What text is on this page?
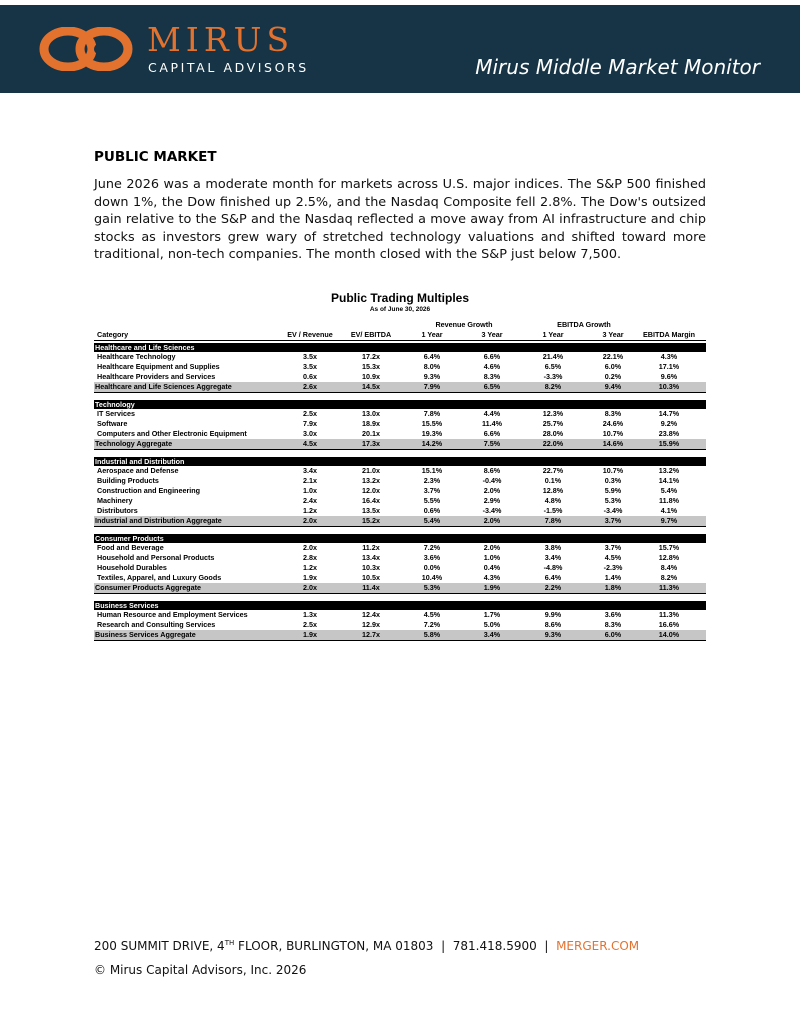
MIRUS
CAPITAL ADVISORS	Mirus Middle Market Monitor
PUBLIC MARKET
June 2026 was a moderate month for markets across U.S. major indices. The S&P 500 finished down 1%, the Dow finished up 2.5%, and the Nasdaq Composite fell 2.8%. The Dow's outsized gain relative to the S&P and the Nasdaq reflected a move away from AI infrastructure and chip stocks as investors grew wary of stretched technology valuations and shifted toward more traditional, non-tech companies. The month closed with the S&P just below 7,500.
Public Trading Multiples
As of June 30, 2026
Revenue Growth	EBITDA Growth
Category	EV / Revenue	EV/ EBITDA	1 Year	3 Year	1 Year	3 Year	EBITDA Margin
Healthcare and Life Sciences
Healthcare Technology	3.5x	17.2x	6.4%	6.6%	21.4%	22.1%	4.3%
Healthcare Equipment and Supplies	3.5x	15.3x	8.0%	4.6%	6.5%	6.0%	17.1%
Healthcare Providers and Services	0.6x	10.9x	9.3%	8.3%	-3.3%	0.2%	9.6%
Healthcare and Life Sciences Aggregate	2.6x	14.5x	7.9%	6.5%	8.2%	9.4%	10.3%
Technology
IT Services	2.5x	13.0x	7.8%	4.4%	12.3%	8.3%	14.7%
Software	7.9x	18.9x	15.5%	11.4%	25.7%	24.6%	9.2%
Computers and Other Electronic Equipment	3.0x	20.1x	19.3%	6.6%	28.0%	10.7%	23.8%
Technology Aggregate	4.5x	17.3x	14.2%	7.5%	22.0%	14.6%	15.9%
Industrial and Distribution
Aerospace and Defense	3.4x	21.0x	15.1%	8.6%	22.7%	10.7%	13.2%
Building Products	2.1x	13.2x	2.3%	-0.4%	0.1%	0.3%	14.1%
Construction and Engineering	1.0x	12.0x	3.7%	2.0%	12.8%	5.9%	5.4%
Machinery	2.4x	16.4x	5.5%	2.9%	4.8%	5.3%	11.8%
Distributors	1.2x	13.5x	0.6%	-3.4%	-1.5%	-3.4%	4.1%
Industrial and Distribution Aggregate	2.0x	15.2x	5.4%	2.0%	7.8%	3.7%	9.7%
Consumer Products
Food and Beverage	2.0x	11.2x	7.2%	2.0%	3.8%	3.7%	15.7%
Household and Personal Products	2.8x	13.4x	3.6%	1.0%	3.4%	4.5%	12.8%
Household Durables	1.2x	10.3x	0.0%	0.4%	-4.8%	-2.3%	8.4%
Textiles, Apparel, and Luxury Goods	1.9x	10.5x	10.4%	4.3%	6.4%	1.4%	8.2%
Consumer Products Aggregate	2.0x	11.4x	5.3%	1.9%	2.2%	1.8%	11.3%
Business Services
Human Resource and Employment Services	1.3x	12.4x	4.5%	1.7%	9.9%	3.6%	11.3%
Research and Consulting Services	2.5x	12.9x	7.2%	5.0%	8.6%	8.3%	16.6%
Business Services Aggregate	1.9x	12.7x	5.8%	3.4%	9.3%	6.0%	14.0%
200 SUMMIT DRIVE, 4TH FLOOR, BURLINGTON, MA 01803 | 781.418.5900 | MERGER.COM
© Mirus Capital Advisors, Inc. 2026
